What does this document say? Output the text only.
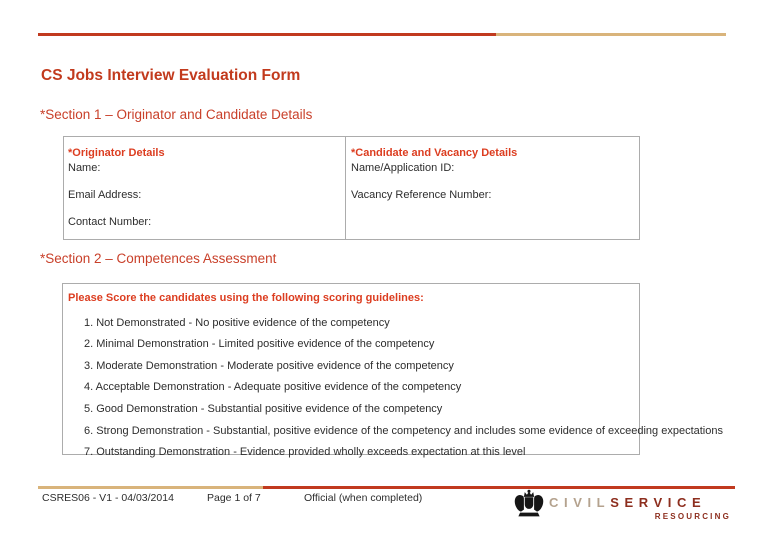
CS Jobs Interview Evaluation Form
*Section 1 – Originator and Candidate Details
*Originator Details
Name:
Email Address:
Contact Number:
*Candidate and Vacancy Details
Name/Application ID:
Vacancy Reference Number:
*Section 2 – Competences Assessment
Please Score the candidates using the following scoring guidelines:
1. Not Demonstrated - No positive evidence of the competency
2. Minimal Demonstration - Limited positive evidence of the competency
3. Moderate Demonstration - Moderate positive evidence of the competency
4. Acceptable Demonstration - Adequate positive evidence of the competency
5. Good Demonstration - Substantial positive evidence of the competency
6. Strong Demonstration - Substantial, positive evidence of the competency and includes some evidence of exceeding expectations
7. Outstanding Demonstration - Evidence provided wholly exceeds expectation at this level
CSRES06 - V1 - 04/03/2014	Page 1 of 7	Official (when completed)	CIVILSERVICE
RESOURCING
